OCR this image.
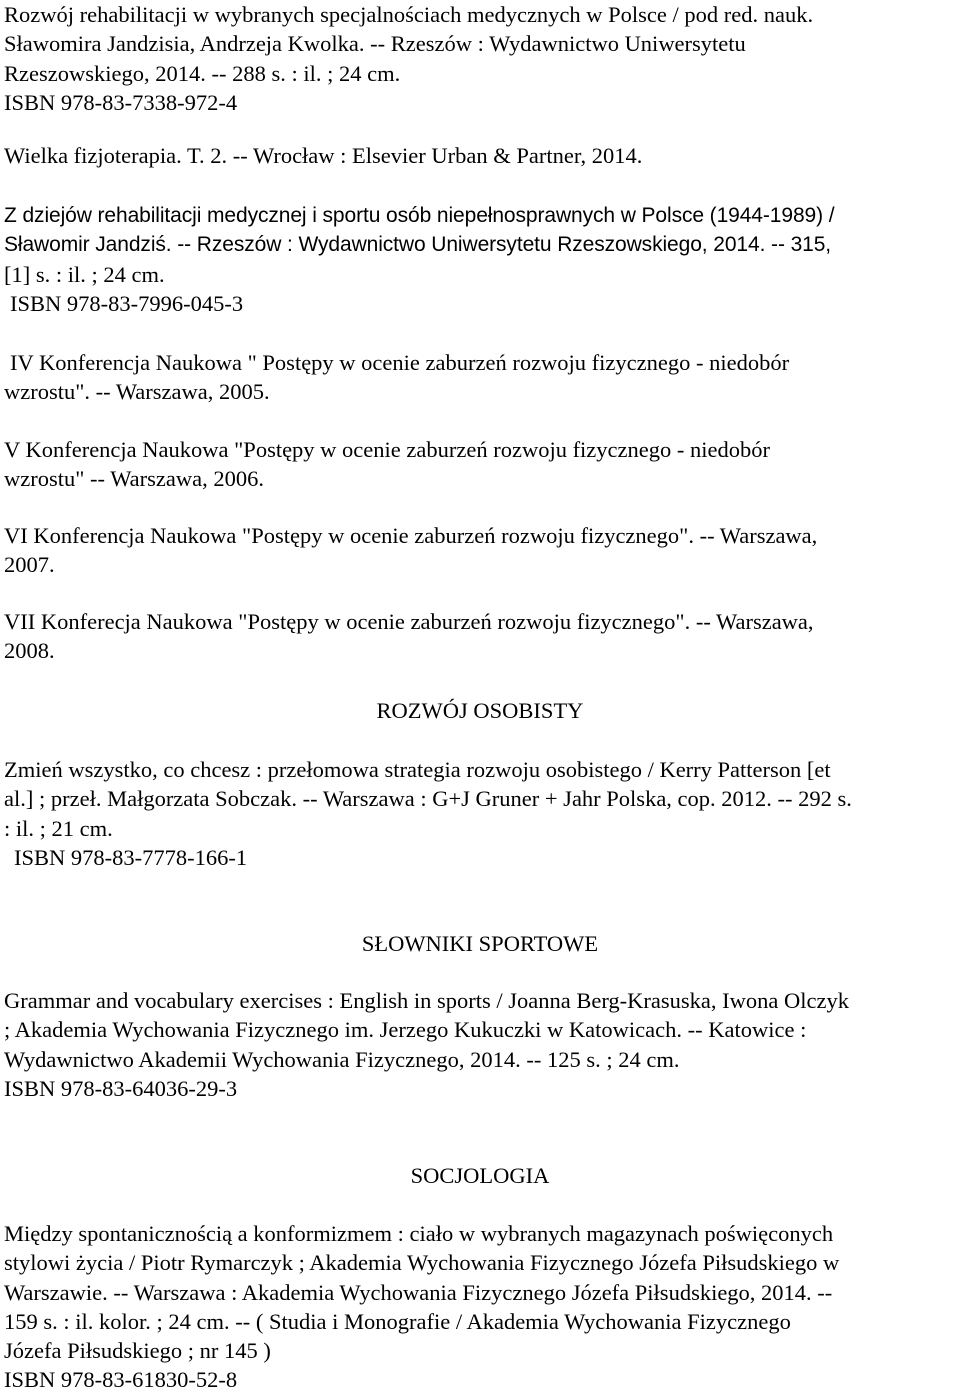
Rozwój rehabilitacji w wybranych specjalnościach medycznych w Polsce / pod red. nauk.
Sławomira Jandzisia, Andrzeja Kwolka. -- Rzeszów : Wydawnictwo Uniwersytetu
Rzeszowskiego, 2014. -- 288 s. : il. ; 24 cm.
ISBN 978-83-7338-972-4
Wielka fizjoterapia. T. 2. -- Wrocław : Elsevier Urban & Partner, 2014.
Z dziejów rehabilitacji medycznej i sportu osób niepełnosprawnych w Polsce (1944-1989) /
Sławomir Jandziś. -- Rzeszów : Wydawnictwo Uniwersytetu Rzeszowskiego, 2014. -- 315,
[1] s. : il. ; 24 cm.
ISBN 978-83-7996-045-3
IV Konferencja Naukowa " Postępy w ocenie zaburzeń rozwoju fizycznego - niedobór
wzrostu". -- Warszawa, 2005.
V Konferencja Naukowa "Postępy w ocenie zaburzeń rozwoju fizycznego - niedobór
wzrostu" -- Warszawa, 2006.
VI Konferencja Naukowa "Postępy w ocenie zaburzeń rozwoju fizycznego". -- Warszawa,
2007.
VII Konferecja Naukowa "Postępy w ocenie zaburzeń rozwoju fizycznego". -- Warszawa,
2008.
ROZWÓJ OSOBISTY
Zmień wszystko, co chcesz : przełomowa strategia rozwoju osobistego / Kerry Patterson [et
al.] ; przeł. Małgorzata Sobczak. -- Warszawa : G+J Gruner + Jahr Polska, cop. 2012. -- 292 s.
: il. ; 21 cm.
ISBN 978-83-7778-166-1
SŁOWNIKI SPORTOWE
Grammar and vocabulary exercises : English in sports / Joanna Berg-Krasuska, Iwona Olczyk
; Akademia Wychowania Fizycznego im. Jerzego Kukuczki w Katowicach. -- Katowice :
Wydawnictwo Akademii Wychowania Fizycznego, 2014. -- 125 s. ; 24 cm.
ISBN 978-83-64036-29-3
SOCJOLOGIA
Między spontanicznością a konformizmem : ciało w wybranych magazynach poświęconych
stylowi życia / Piotr Rymarczyk ; Akademia Wychowania Fizycznego Józefa Piłsudskiego w
Warszawie. -- Warszawa : Akademia Wychowania Fizycznego Józefa Piłsudskiego, 2014. --
159 s. : il. kolor. ; 24 cm. -- ( Studia i Monografie / Akademia Wychowania Fizycznego
Józefa Piłsudskiego ; nr 145 )
ISBN 978-83-61830-52-8
